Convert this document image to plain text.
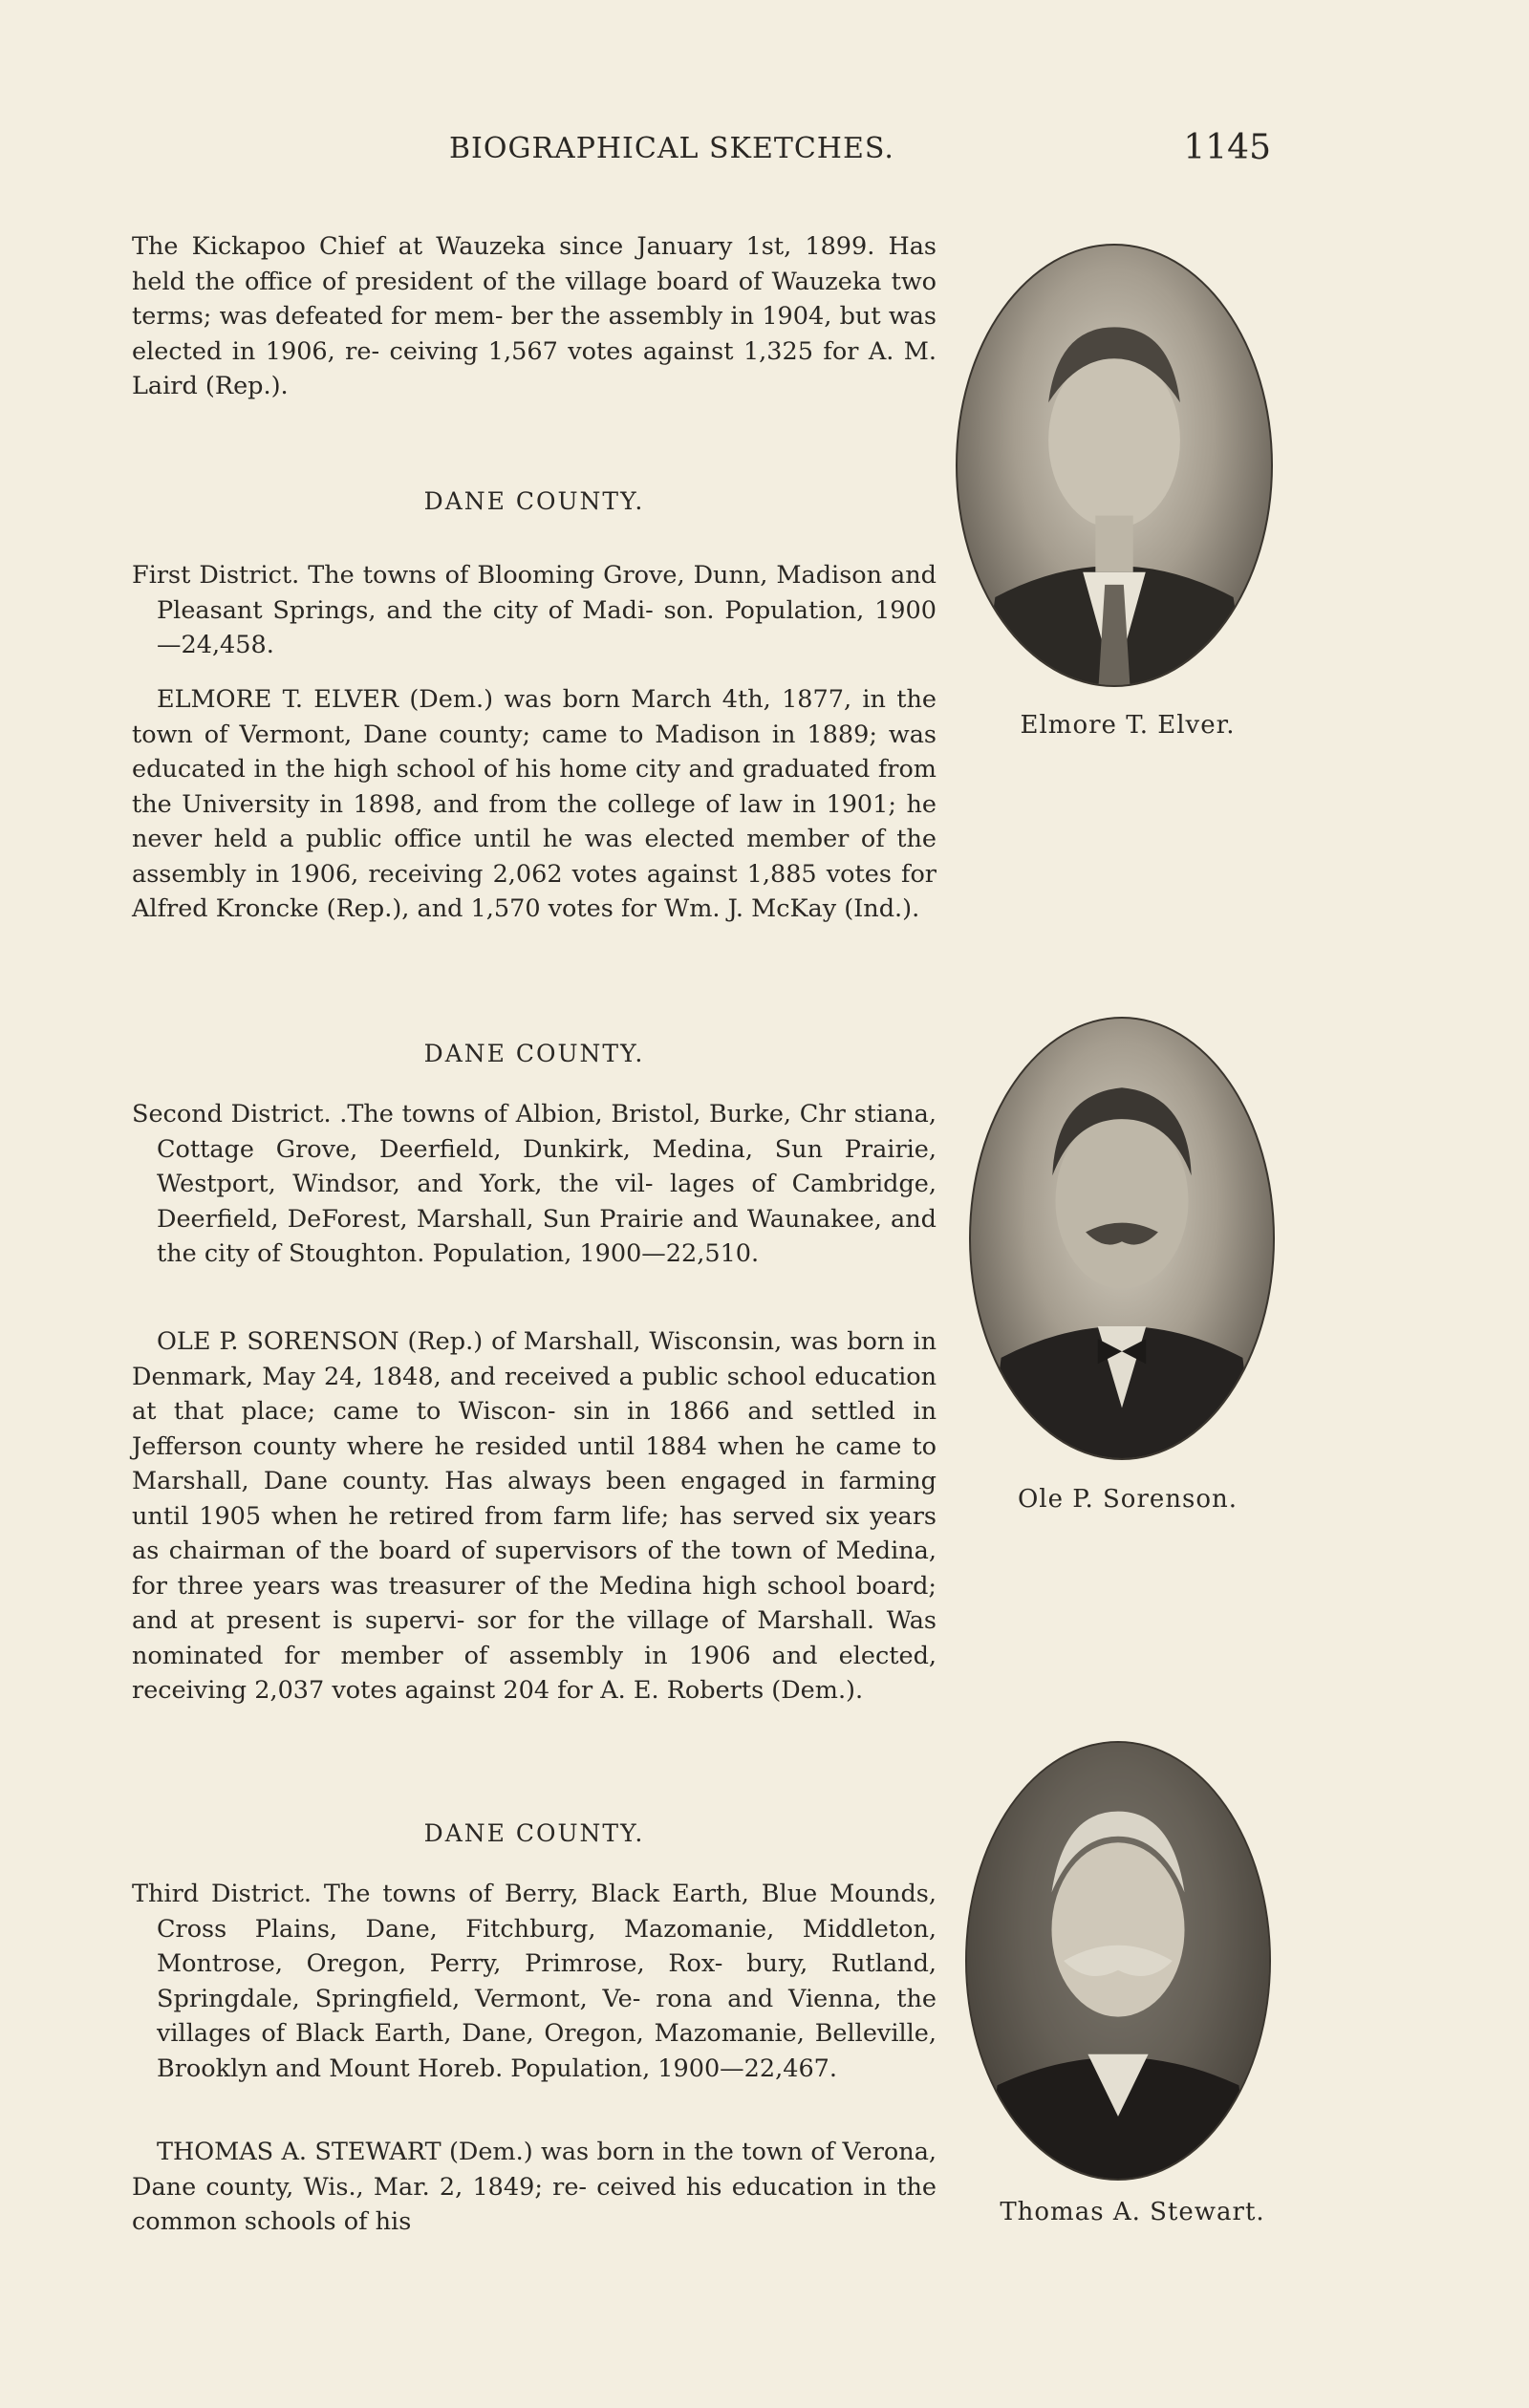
BIOGRAPHICAL SKETCHES.	1145

The Kickapoo Chief at Wauzeka since January 1st, 1899. Has held the office of president of the village board of Wauzeka two terms; was defeated for mem- ber the assembly in 1904, but was elected in 1906, re- ceiving 1,567 votes against 1,325 for A. M. Laird (Rep.).

DANE COUNTY.

First District. The towns of Blooming Grove, Dunn, Madison and Pleasant Springs, and the city of Madi- son. Population, 1900—24,458.

ELMORE T. ELVER (Dem.) was born March 4th, 1877, in the town of Vermont, Dane county; came to Madison in 1889; was educated in the high school of his home city and graduated from the University in 1898, and from the college of law in 1901; he never held a public office until he was elected member of the assembly in 1906, receiving 2,062 votes against 1,885 votes for Alfred Kroncke (Rep.), and 1,570 votes for Wm. J. McKay (Ind.).

DANE COUNTY.

Second District. .The towns of Albion, Bristol, Burke, Chr stiana, Cottage Grove, Deerfield, Dunkirk, Medina, Sun Prairie, Westport, Windsor, and York, the vil- lages of Cambridge, Deerfield, DeForest, Marshall, Sun Prairie and Waunakee, and the city of Stoughton. Population, 1900—22,510.

OLE P. SORENSON (Rep.) of Marshall, Wisconsin, was born in Denmark, May 24, 1848, and received a public school education at that place; came to Wiscon- sin in 1866 and settled in Jefferson county where he resided until 1884 when he came to Marshall, Dane county. Has always been engaged in farming until 1905 when he retired from farm life; has served six years as chairman of the board of supervisors of the town of Medina, for three years was treasurer of the Medina high school board; and at present is supervi- sor for the village of Marshall. Was nominated for member of assembly in 1906 and elected, receiving 2,037 votes against 204 for A. E. Roberts (Dem.).

DANE COUNTY.

Third District. The towns of Berry, Black Earth, Blue Mounds, Cross Plains, Dane, Fitchburg, Mazomanie, Middleton, Montrose, Oregon, Perry, Primrose, Rox- bury, Rutland, Springdale, Springfield, Vermont, Ve- rona and Vienna, the villages of Black Earth, Dane, Oregon, Mazomanie, Belleville, Brooklyn and Mount Horeb. Population, 1900—22,467.

THOMAS A. STEWART (Dem.) was born in the town of Verona, Dane county, Wis., Mar. 2, 1849; re- ceived his education in the common schools of his

Elmore T. Elver.
Ole P. Sorenson.
Thomas A. Stewart.
